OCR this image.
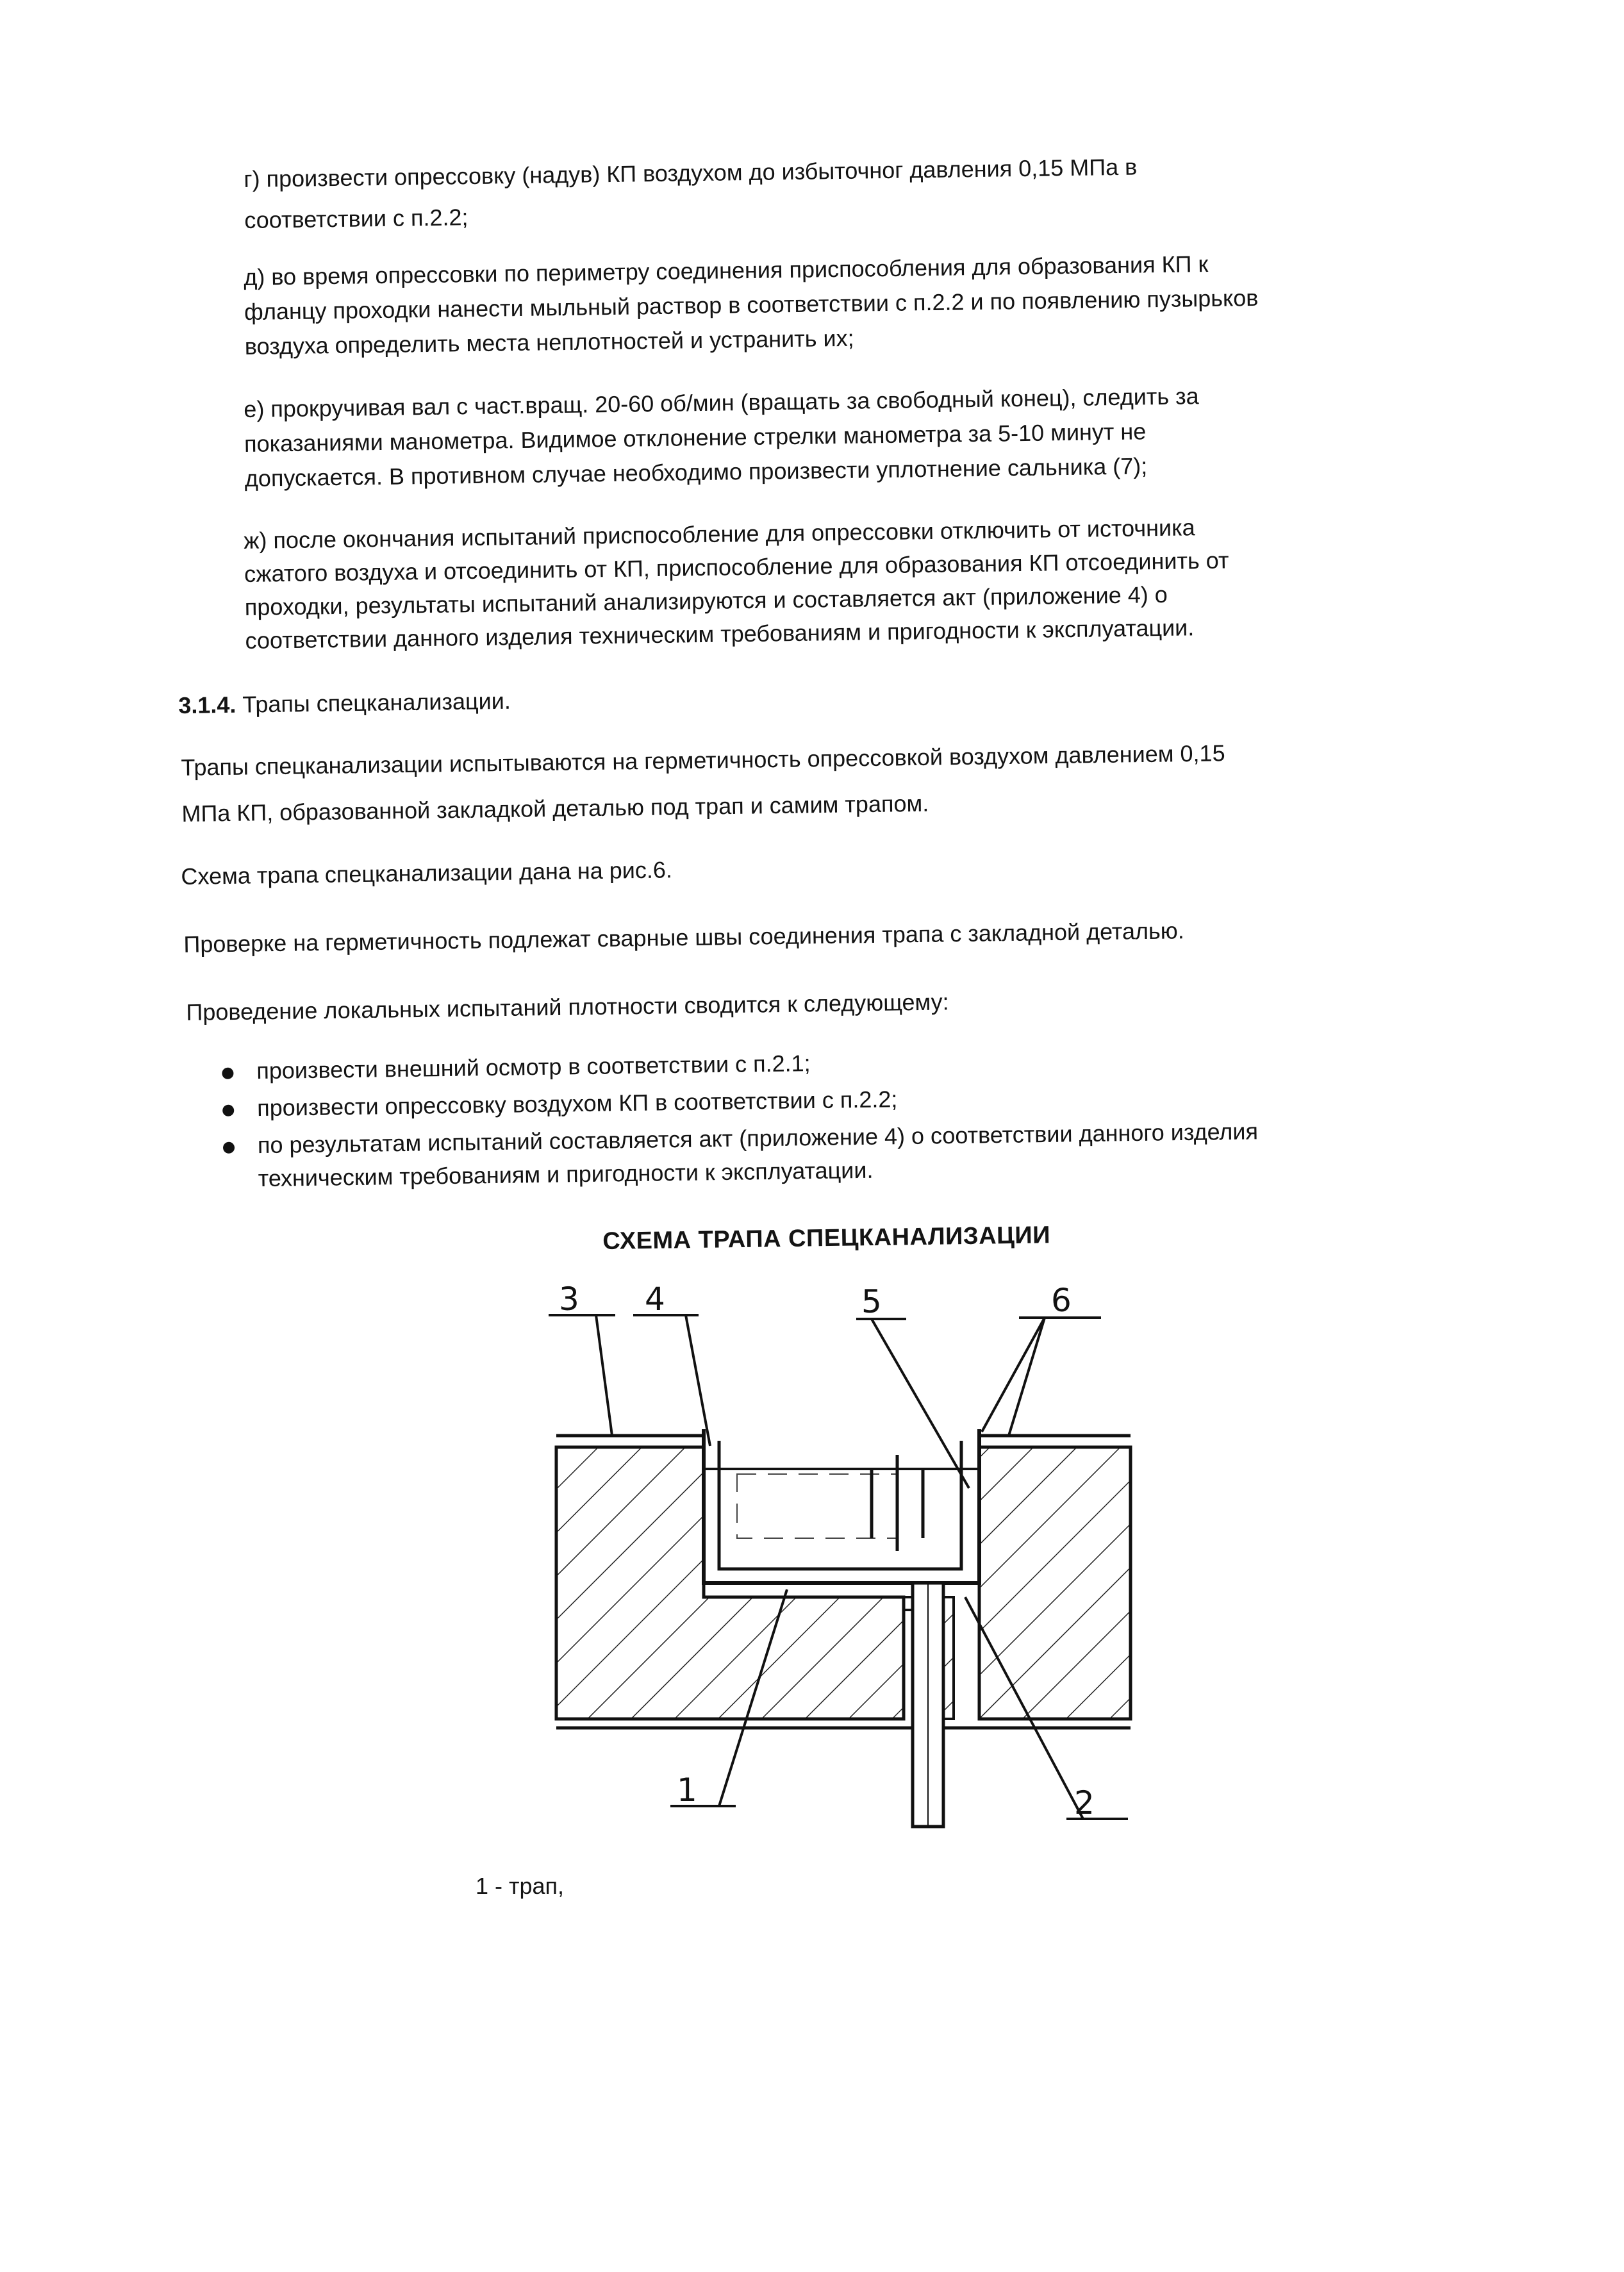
г) произвести опрессовку (надув) КП воздухом до избыточног давления 0,15 МПа в
соответствии с п.2.2;
д) во время опрессовки по периметру соединения приспособления для образования КП к
фланцу проходки нанести мыльный раствор в соответствии с п.2.2 и по появлению пузырьков
воздуха определить места неплотностей и устранить их;
е) прокручивая вал с част.вращ. 20-60 об/мин (вращать за свободный конец), следить за
показаниями манометра. Видимое отклонение стрелки манометра за 5-10 минут не
допускается. В противном случае необходимо произвести уплотнение сальника (7);
ж) после окончания испытаний приспособление для опрессовки отключить от источника
сжатого воздуха и отсоединить от КП, приспособление для образования КП отсоединить от
проходки, результаты испытаний анализируются и составляется акт (приложение 4) о
соответствии данного изделия техническим требованиям и пригодности к эксплуатации.
3.1.4. Трапы спецканализации.
Трапы спецканализации испытываются на герметичность опрессовкой воздухом давлением 0,15
МПа КП, образованной закладкой деталью под трап и самим трапом.
Схема трапа спецканализации дана на рис.6.
Проверке на герметичность подлежат сварные швы соединения трапа с закладной деталью.
Проведение локальных испытаний плотности сводится к следующему:
произвести внешний осмотр в соответствии с п.2.1;
произвести опрессовку воздухом КП в соответствии с п.2.2;
по результатам испытаний составляется акт (приложение 4) о соответствии данного изделия
техническим требованиям и пригодности к эксплуатации.
СХЕМА ТРАПА СПЕЦКАНАЛИЗАЦИИ
3 4	5	6
1	2
1 - трап,
